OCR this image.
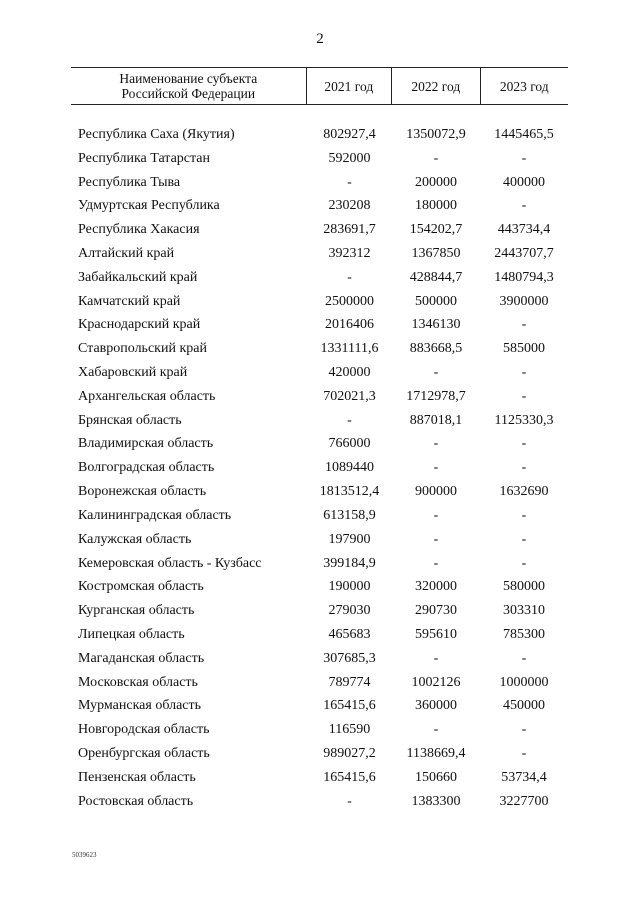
2
Наименование субъекта
Российской Федерации	2021 год	2022 год	2023 год
Республика Саха (Якутия)	802927,4	1350072,9	1445465,5
Республика Татарстан	592000	-	-
Республика Тыва	-	200000	400000
Удмуртская Республика	230208	180000	-
Республика Хакасия	283691,7	154202,7	443734,4
Алтайский край	392312	1367850	2443707,7
Забайкальский край	-	428844,7	1480794,3
Камчатский край	2500000	500000	3900000
Краснодарский край	2016406	1346130	-
Ставропольский край	1331111,6	883668,5	585000
Хабаровский край	420000	-	-
Архангельская область	702021,3	1712978,7	-
Брянская область	-	887018,1	1125330,3
Владимирская область	766000	-	-
Волгоградская область	1089440	-	-
Воронежская область	1813512,4	900000	1632690
Калининградская область	613158,9	-	-
Калужская область	197900	-	-
Кемеровская область - Кузбасс	399184,9	-	-
Костромская область	190000	320000	580000
Курганская область	279030	290730	303310
Липецкая область	465683	595610	785300
Магаданская область	307685,3	-	-
Московская область	789774	1002126	1000000
Мурманская область	165415,6	360000	450000
Новгородская область	116590	-	-
Оренбургская область	989027,2	1138669,4	-
Пензенская область	165415,6	150660	53734,4
Ростовская область	-	1383300	3227700
5039623
